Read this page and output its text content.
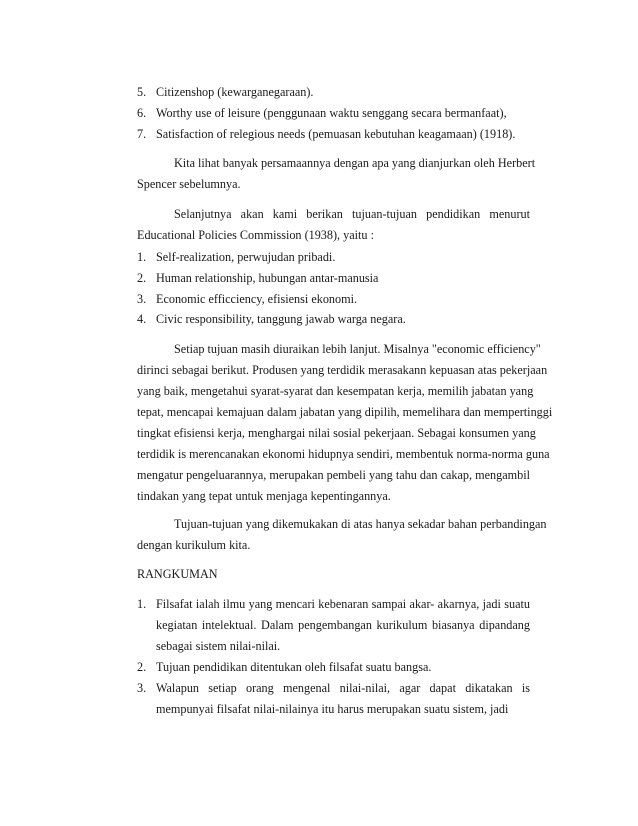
5. Citizenshop (kewarganegaraan).
6. Worthy use of leisure (penggunaan waktu senggang secara bermanfaat),
7. Satisfaction of relegious needs (pemuasan kebutuhan keagamaan) (1918).
Kita lihat banyak persamaannya dengan apa yang dianjurkan oleh Herbert
Spencer sebelumnya.
Selanjutnya akan kami berikan tujuan-tujuan pendidikan menurut
Educational Policies Commission (1938), yaitu :
1. Self-realization, perwujudan pribadi.
2. Human relationship, hubungan antar-manusia
3. Economic efficciency, efisiensi ekonomi.
4. Civic responsibility, tanggung jawab warga negara.
Setiap tujuan masih diuraikan lebih lanjut. Misalnya "economic efficiency"
dirinci sebagai berikut. Produsen yang terdidik merasakann kepuasan atas pekerjaan
yang baik, mengetahui syarat-syarat dan kesempatan kerja, memilih jabatan yang
tepat, mencapai kemajuan dalam jabatan yang dipilih, memelihara dan mempertinggi
tingkat efisiensi kerja, menghargai nilai sosial pekerjaan. Sebagai konsumen yang
terdidik is merencanakan ekonomi hidupnya sendiri, membentuk norma-norma guna
mengatur pengeluarannya, merupakan pembeli yang tahu dan cakap, mengambil
tindakan yang tepat untuk menjaga kepentingannya.
Tujuan-tujuan yang dikemukakan di atas hanya sekadar bahan perbandingan
dengan kurikulum kita.
RANGKUMAN
1. Filsafat ialah ilmu yang mencari kebenaran sampai akar- akarnya, jadi suatu
kegiatan intelektual. Dalam pengembangan kurikulum biasanya dipandang
sebagai sistem nilai-nilai.
2. Tujuan pendidikan ditentukan oleh filsafat suatu bangsa.
3. Walapun setiap orang mengenal nilai-nilai, agar dapat dikatakan is
mempunyai filsafat nilai-nilainya itu harus merupakan suatu sistem, jadi
